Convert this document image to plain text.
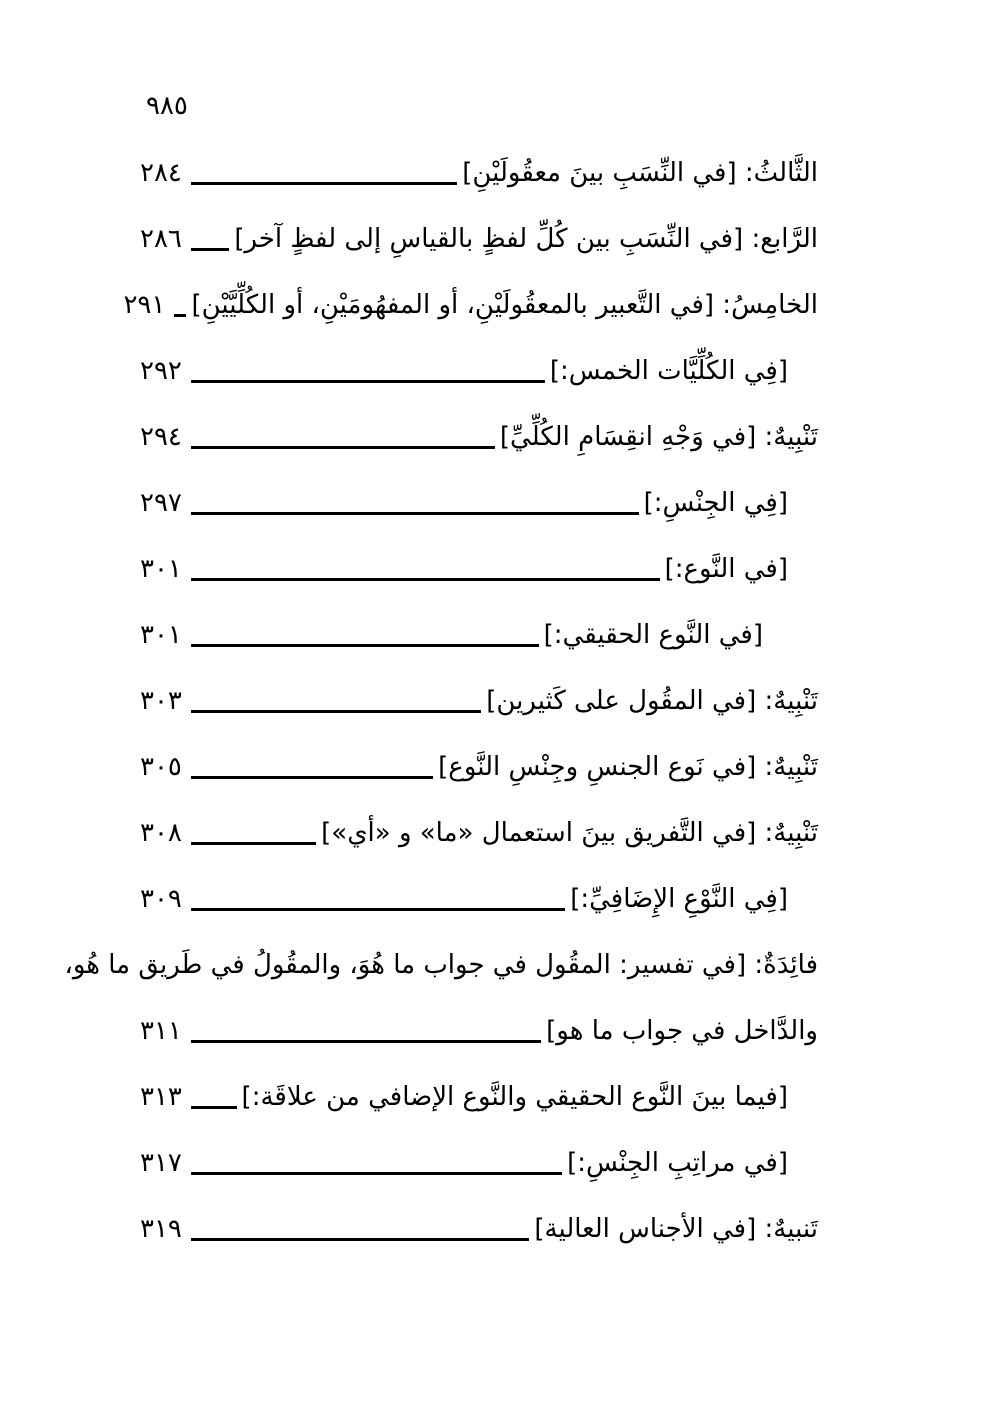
٩٨٥
الثَّالثُ: [في النِّسَبِ بينَ معقُولَيْنِ]
٢٨٤
الرَّابع: [في النِّسَبِ بين كُلِّ لفظٍ بالقياسِ إلى لفظٍ آخر]
٢٨٦
الخامِسُ: [في التَّعبير بالمعقُولَيْنِ، أو المفهُومَيْنِ، أو الكُلِّيَّيْنِ]
٢٩١
[فِي الكُلِّيَّات الخمس:]
٢٩٢
تَنْبِيهٌ: [في وَجْهِ انقِسَامِ الكُلِّيِّ]
٢٩٤
[فِي الجِنْسِ:]
٢٩٧
[في النَّوع:]
٣٠١
[في النَّوع الحقيقي:]
٣٠١
تَنْبِيهٌ: [في المقُول على كَثيرين]
٣٠٣
تَنْبِيهٌ: [في نَوع الجنسِ وجِنْسِ النَّوع]
٣٠٥
تَنْبِيهٌ: [في التَّفريق بينَ استعمال «ما» و «أي»]
٣٠٨
[فِي النَّوْعِ الإِضَافِيِّ:]
٣٠٩
فائِدَةٌ: [في تفسير: المقُول في جواب ما هُوَ، والمقُولُ في طَريق ما هُو،
والدَّاخل في جواب ما هو]
٣١١
[فيما بينَ النَّوع الحقيقي والنَّوع الإضافي من علاقَة:]
٣١٣
[في مراتِبِ الجِنْسِ:]
٣١٧
تَنبيهٌ: [في الأجناس العالية]
٣١٩
